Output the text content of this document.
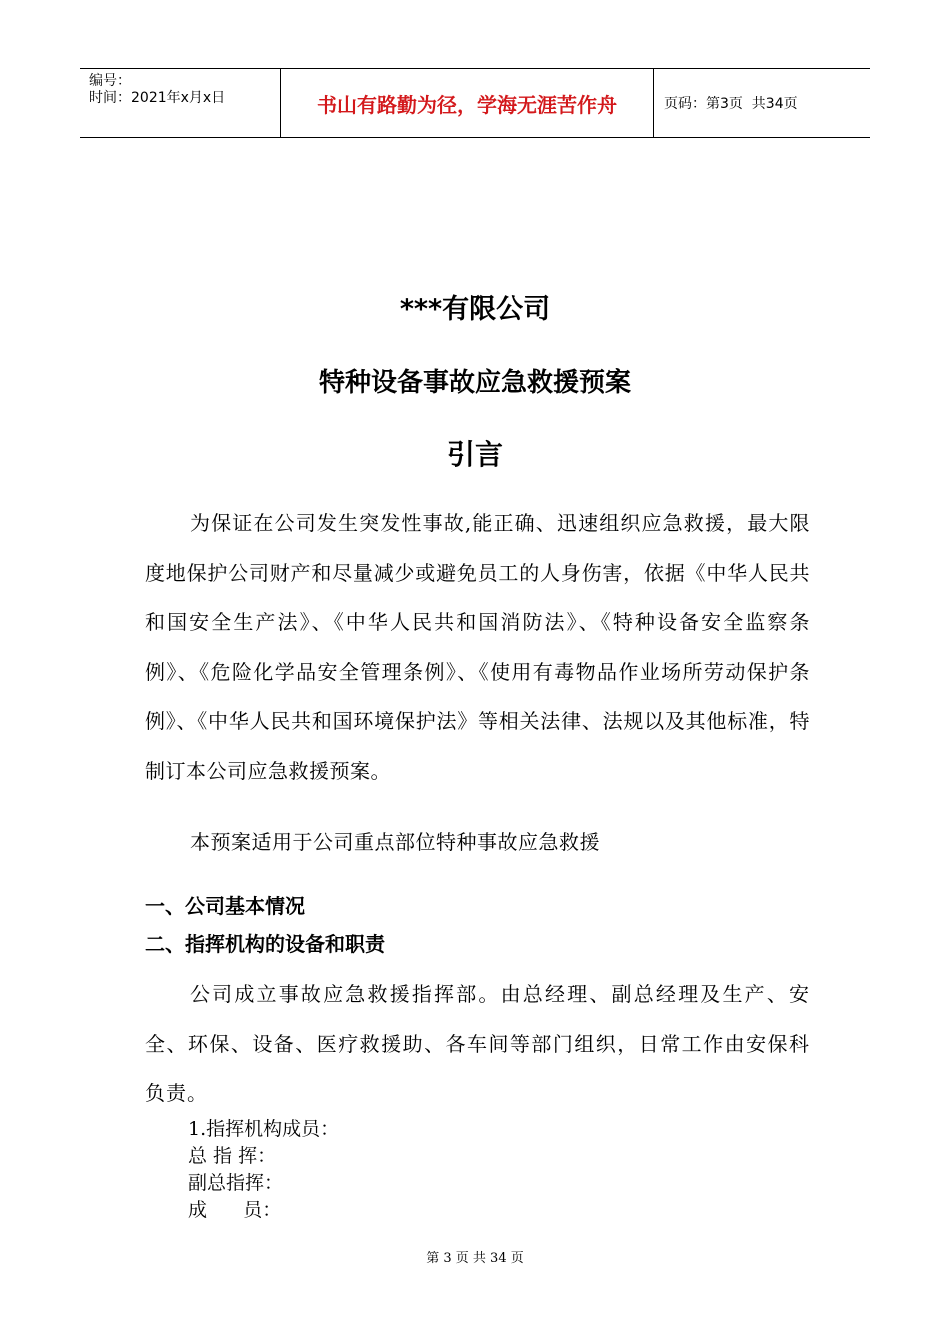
编号：
时间：2021年x月x日	书山有路勤为径，学海无涯苦作舟	页码：第3页  共34页
***有限公司
特种设备事故应急救援预案
引言
为保证在公司发生突发性事故,能正确、迅速组织应急救援，最大限度地保护公司财产和尽量减少或避免员工的人身伤害，依据《中华人民共和国安全生产法》、《中华人民共和国消防法》、《特种设备安全监察条例》、《危险化学品安全管理条例》、《使用有毒物品作业场所劳动保护条例》、《中华人民共和国环境保护法》等相关法律、法规以及其他标准，特制订本公司应急救援预案。
本预案适用于公司重点部位特种事故应急救援
一、公司基本情况
二、指挥机构的设备和职责
公司成立事故应急救援指挥部。由总经理、副总经理及生产、安全、环保、设备、医疗救援助、各车间等部门组织，日常工作由安保科负责。
1.指挥机构成员：
总 指 挥：
副总指挥：
成      员：
第 3 页 共 34 页
